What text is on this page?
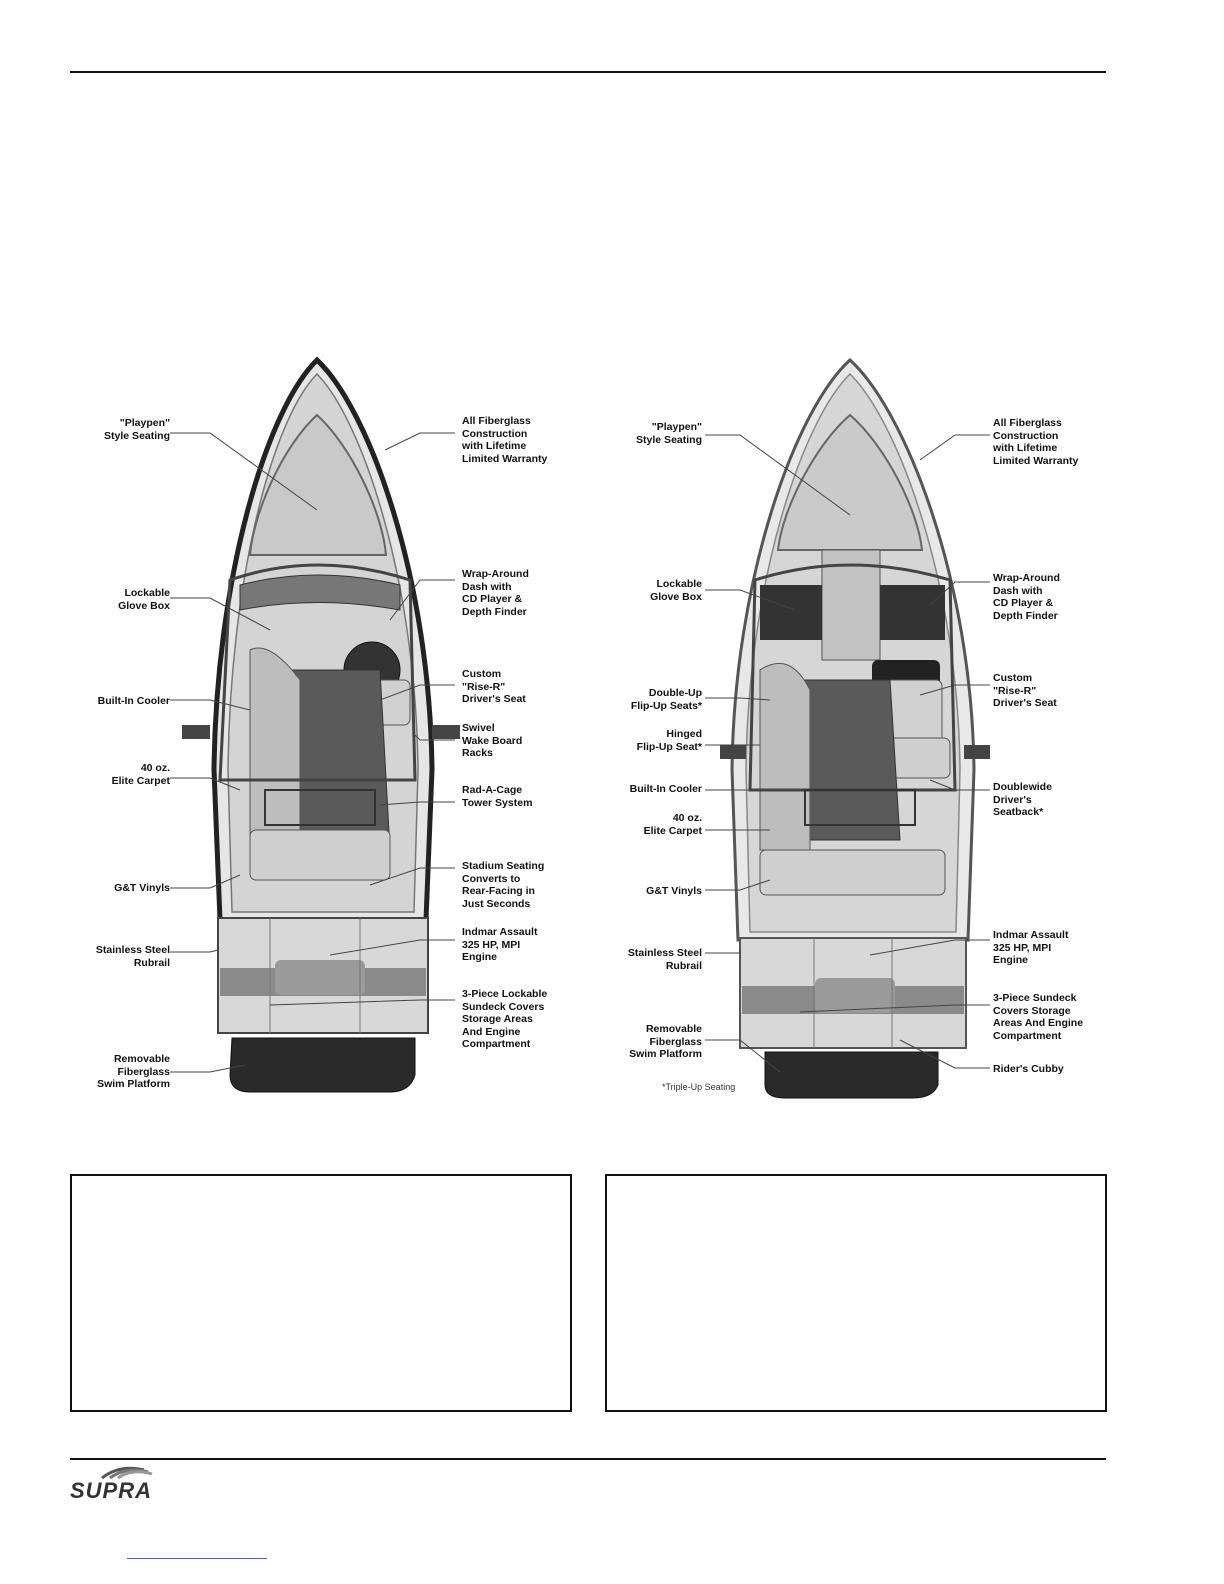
"Playpen"
Style Seating
Lockable
Glove Box
Built-In Cooler
40 oz.
Elite Carpet
G&T Vinyls
Stainless Steel
Rubrail
Removable
Fiberglass
Swim Platform
All Fiberglass
Construction
with Lifetime
Limited Warranty
Wrap-Around
Dash with
CD Player &
Depth Finder
Custom
"Rise-R"
Driver's Seat
Swivel
Wake Board
Racks
Rad-A-Cage
Tower System
Stadium Seating
Converts to
Rear-Facing in
Just Seconds
Indmar Assault
325 HP, MPI
Engine
3-Piece Lockable
Sundeck Covers
Storage Areas
And Engine
Compartment
"Playpen"
Style Seating
Lockable
Glove Box
Double-Up
Flip-Up Seats*
Hinged
Flip-Up Seat*
Built-In Cooler
40 oz.
Elite Carpet
G&T Vinyls
Stainless Steel
Rubrail
Removable
Fiberglass
Swim Platform
All Fiberglass
Construction
with Lifetime
Limited Warranty
Wrap-Around
Dash with
CD Player &
Depth Finder
Custom
"Rise-R"
Driver's Seat
Doublewide
Driver's
Seatback*
Indmar Assault
325 HP, MPI
Engine
3-Piece Sundeck
Covers Storage
Areas And Engine
Compartment
Rider's Cubby
*Triple-Up Seating
SUPRA
